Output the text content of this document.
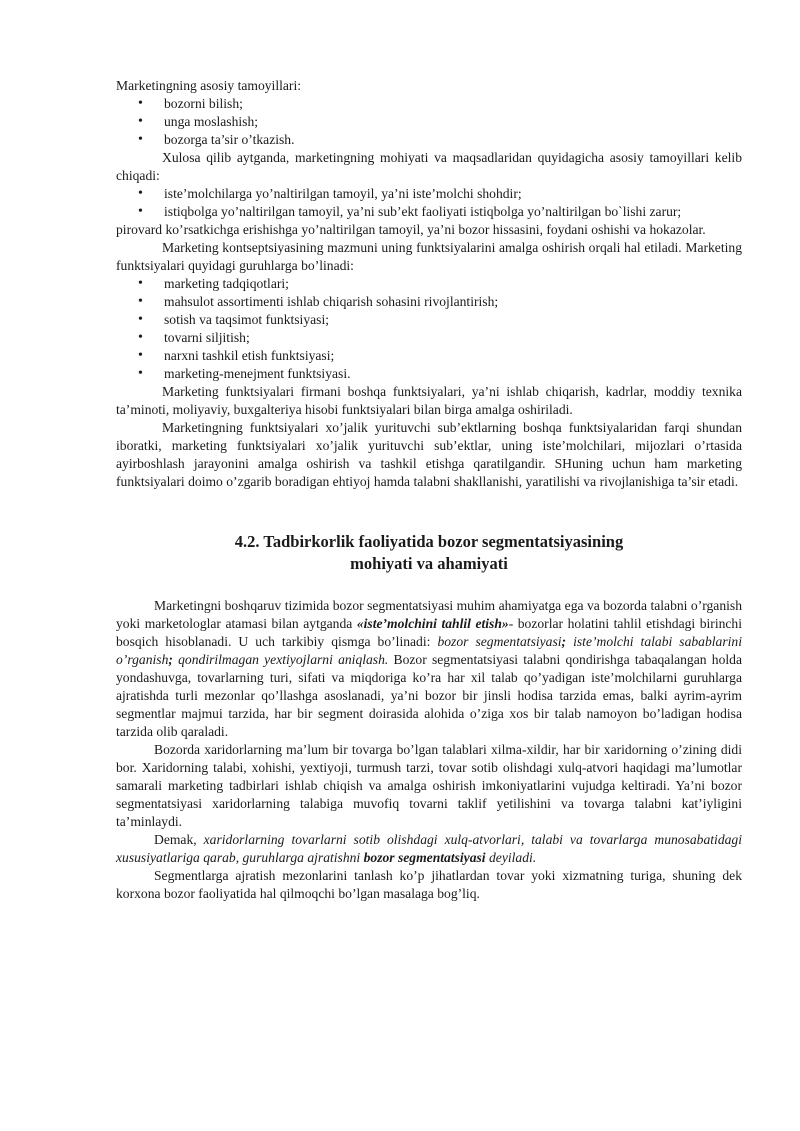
Marketingning asosiy tamoyillari:

• bozorni bilish;
• unga moslashish;
• bozorga ta’sir o’tkazish.

Xulosa qilib aytganda, marketingning mohiyati va maqsadlaridan quyidagicha asosiy tamoyillari kelib chiqadi:

• iste’molchilarga yo’naltirilgan tamoyil, ya’ni iste’molchi shohdir;
• istiqbolga yo’naltirilgan tamoyil, ya’ni sub’ekt faoliyati istiqbolga yo’naltirilgan bo`lishi zarur;

pirovard ko’rsatkichga erishishga yo’naltirilgan tamoyil, ya’ni bozor hissasini, foydani oshishi va hokazolar.

Marketing kontseptsiyasining mazmuni uning funktsiyalarini amalga oshirish orqali hal etiladi. Marketing funktsiyalari quyidagi guruhlarga bo’linadi:

• marketing tadqiqotlari;
• mahsulot assortimenti ishlab chiqarish sohasini rivojlantirish;
• sotish va taqsimot funktsiyasi;
• tovarni siljitish;
• narxni tashkil etish funktsiyasi;
• marketing-menejment funktsiyasi.

Marketing funktsiyalari firmani boshqa funktsiyalari, ya’ni ishlab chiqarish, kadrlar, moddiy texnika ta’minoti, moliyaviy, buxgalteriya hisobi funktsiyalari bilan birga amalga oshiriladi.

Marketingning funktsiyalari xo’jalik yurituvchi sub’ektlarning boshqa funktsiyalaridan farqi shundan iboratki, marketing funktsiyalari xo’jalik yurituvchi sub’ektlar, uning iste’molchilari, mijozlari o’rtasida ayirboshlash jarayonini amalga oshirish va tashkil etishga qaratilgandir. SHuning uchun ham marketing funktsiyalari doimo o’zgarib boradigan ehtiyoj hamda talabni shakllanishi, yaratilishi va rivojlanishiga ta’sir etadi.

4.2. Tadbirkorlik faoliyatida bozor segmentatsiyasining
mohiyati va ahamiyati

Marketingni boshqaruv tizimida bozor segmentatsiyasi muhim ahamiyatga ega va bozorda talabni o’rganish yoki marketologlar atamasi bilan aytganda «iste’molchini tahlil etish»- bozorlar holatini tahlil etishdagi birinchi bosqich hisoblanadi. U uch tarkibiy qismga bo’linadi: bozor segmentatsiyasi; iste’molchi talabi sabablarini o’rganish; qondirilmagan yextiyojlarni aniqlash. Bozor segmentatsiyasi talabni qondirishga tabaqalangan holda yondashuvga, tovarlarning turi, sifati va miqdoriga ko’ra har xil talab qo’yadigan iste’molchilarni guruhlarga ajratishda turli mezonlar qo’llashga asoslanadi, ya’ni bozor bir jinsli hodisa tarzida emas, balki ayrim-ayrim segmentlar majmui tarzida, har bir segment doirasida alohida o’ziga xos bir talab namoyon bo’ladigan hodisa tarzida olib qaraladi.

Bozorda xaridorlarning ma’lum bir tovarga bo’lgan talablari xilma-xildir, har bir xaridorning o’zining didi bor. Xaridorning talabi, xohishi, yextiyoji, turmush tarzi, tovar sotib olishdagi xulq-atvori haqidagi ma’lumotlar samarali marketing tadbirlari ishlab chiqish va amalga oshirish imkoniyatlarini vujudga keltiradi. Ya’ni bozor segmentatsiyasi xaridorlarning talabiga muvofiq tovarni taklif yetilishini va tovarga talabni kat’iyligini ta’minlaydi.

Demak, xaridorlarning tovarlarni sotib olishdagi xulq-atvorlari, talabi va tovarlarga munosabatidagi xususiyatlariga qarab, guruhlarga ajratishni bozor segmentatsiyasi deyiladi.

Segmentlarga ajratish mezonlarini tanlash ko’p jihatlardan tovar yoki xizmatning turiga, shuning dek korxona bozor faoliyatida hal qilmoqchi bo’lgan masalaga bog’liq.
